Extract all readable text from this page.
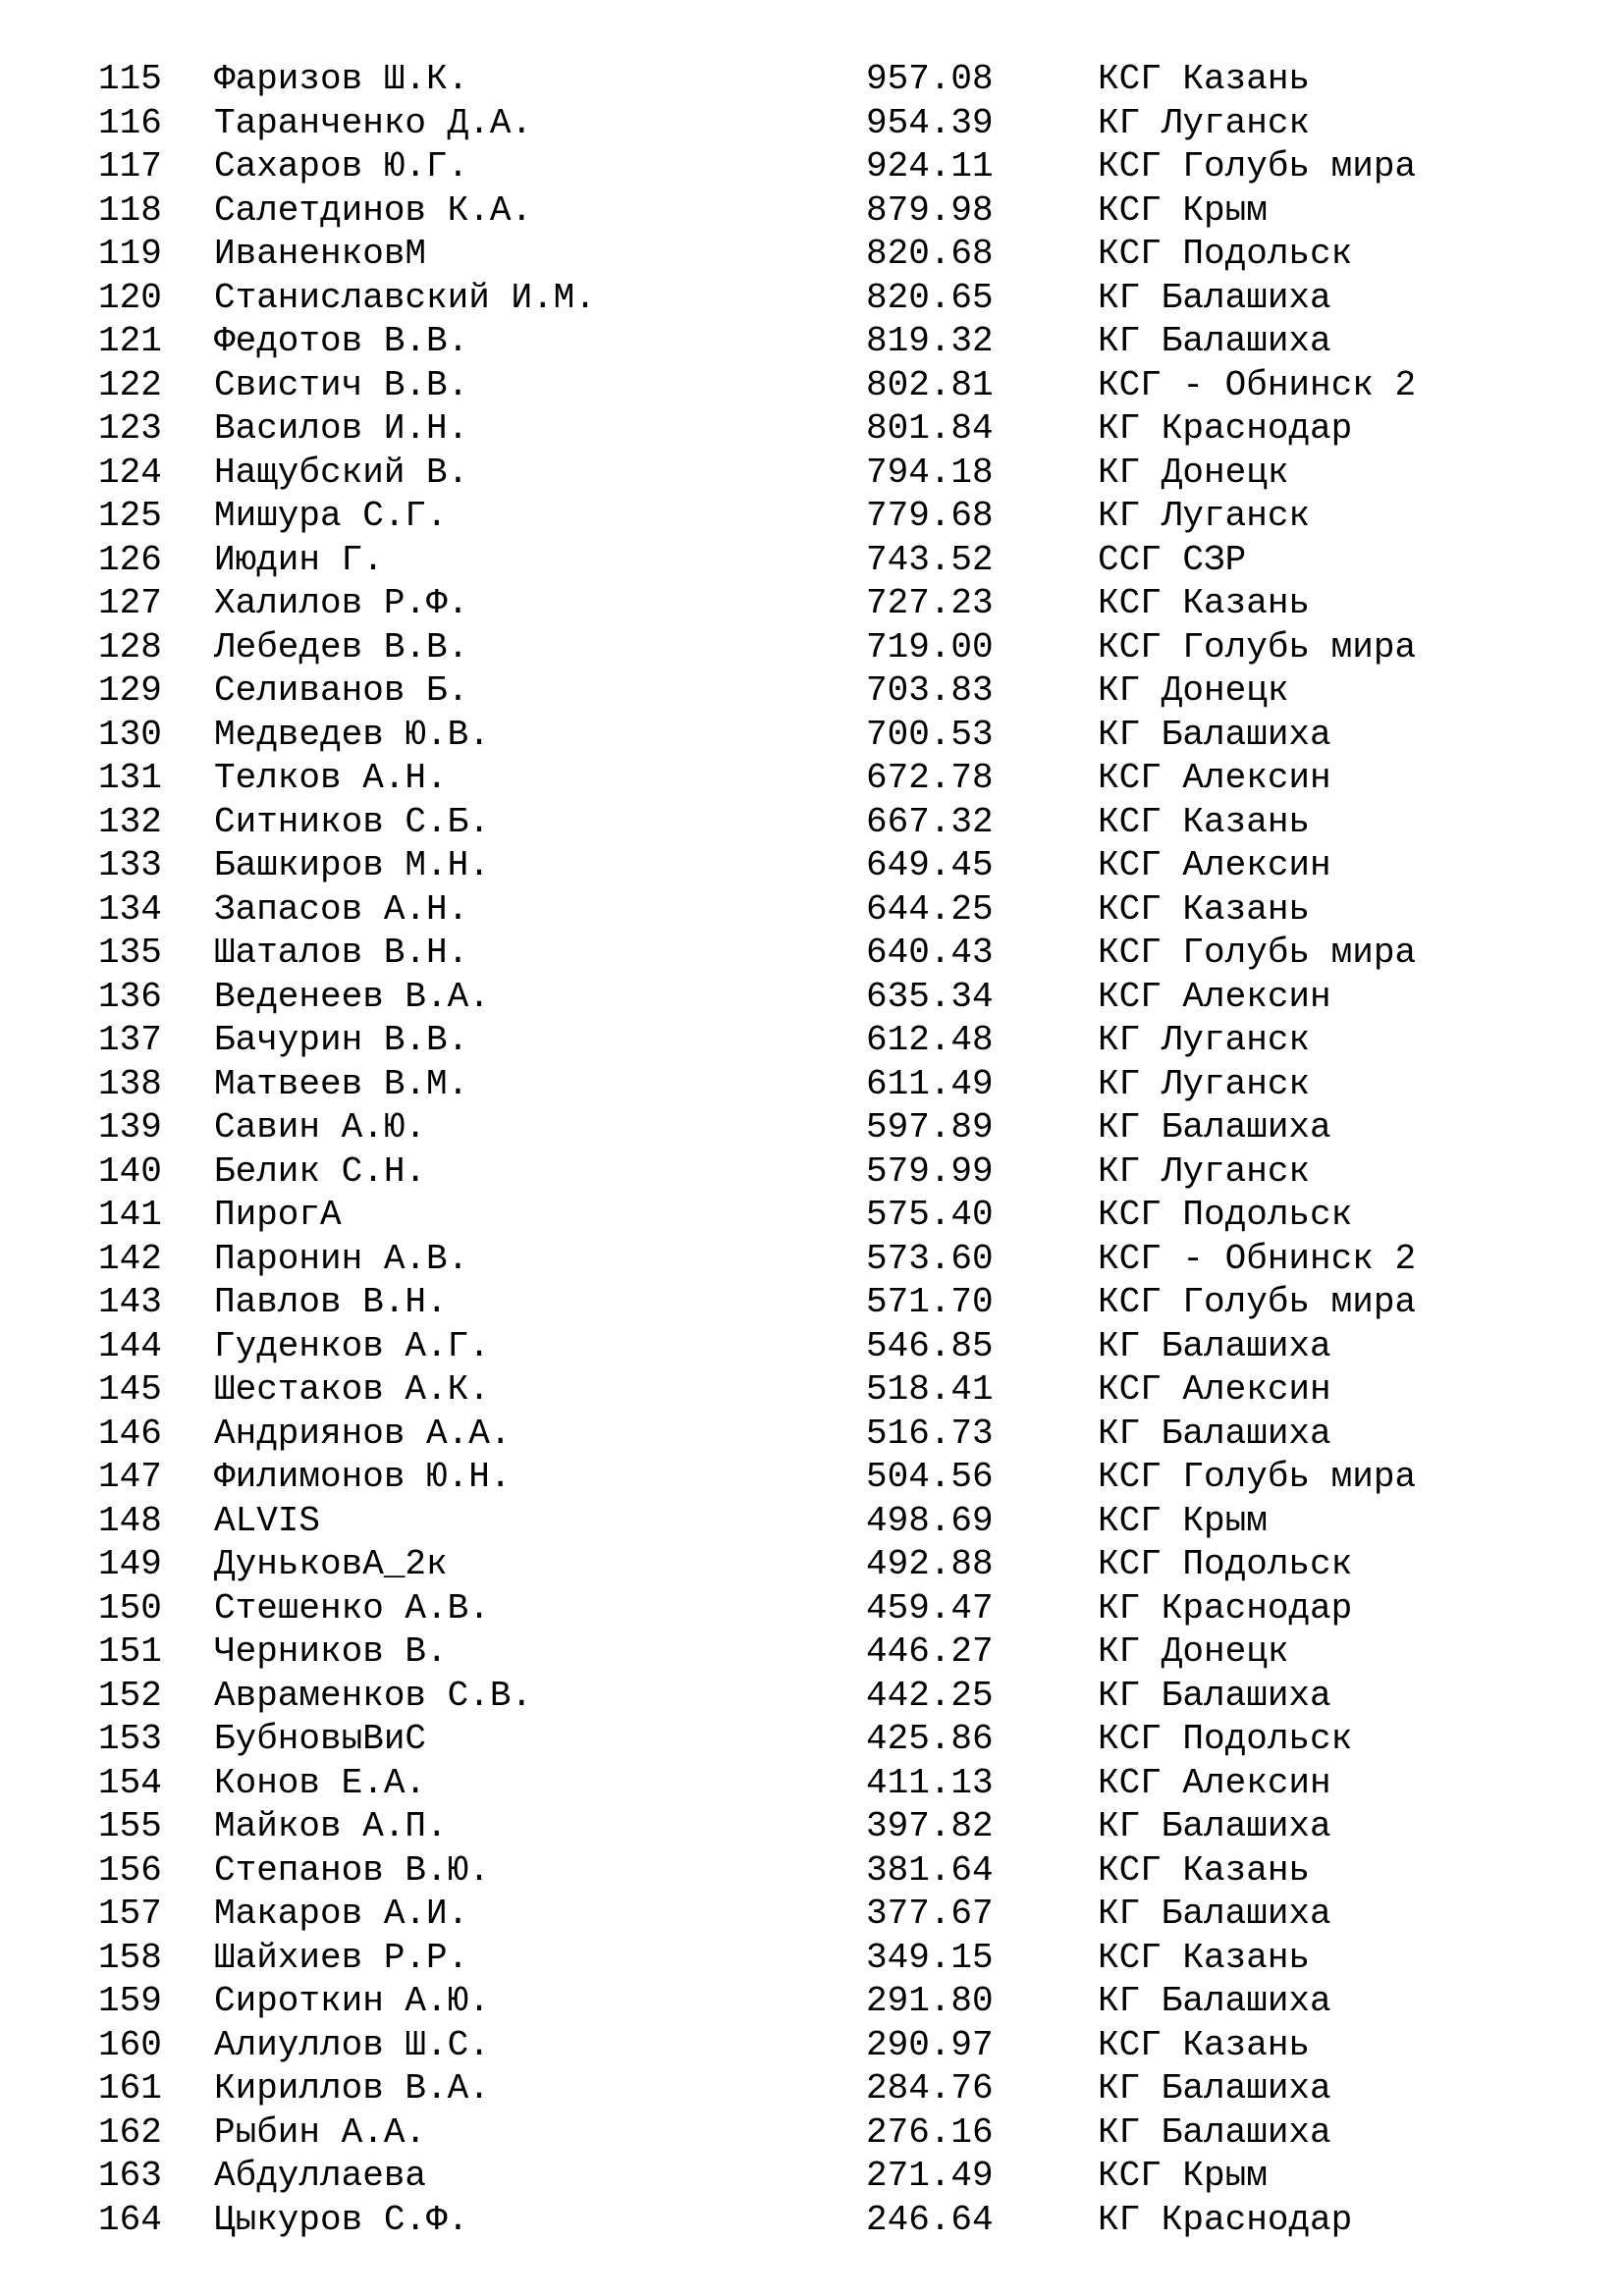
115 Фаризов Ш.К.	957.08	КСГ Казань
116 Таранченко Д.А.	954.39	КГ Луганск
117 Сахаров Ю.Г.	924.11	КСГ Голубь мира
118 Салетдинов К.А.	879.98	КСГ Крым
119 ИваненковМ	820.68	КСГ Подольск
120 Станиславский И.М.	820.65	КГ Балашиха
121 Федотов В.В.	819.32	КГ Балашиха
122 Свистич В.В.	802.81	КСГ - Обнинск 2
123 Василов И.Н.	801.84	КГ Краснодар
124 Нащубский В.	794.18	КГ Донецк
125 Мишура С.Г.	779.68	КГ Луганск
126 Июдин Г.	743.52	ССГ СЗР
127 Халилов Р.Ф.	727.23	КСГ Казань
128 Лебедев В.В.	719.00	КСГ Голубь мира
129 Селиванов Б.	703.83	КГ Донецк
130 Медведев Ю.В.	700.53	КГ Балашиха
131 Телков А.Н.	672.78	КСГ Алексин
132 Ситников С.Б.	667.32	КСГ Казань
133 Башкиров М.Н.	649.45	КСГ Алексин
134 Запасов А.Н.	644.25	КСГ Казань
135 Шаталов В.Н.	640.43	КСГ Голубь мира
136 Веденеев В.А.	635.34	КСГ Алексин
137 Бачурин В.В.	612.48	КГ Луганск
138 Матвеев В.М.	611.49	КГ Луганск
139 Савин А.Ю.	597.89	КГ Балашиха
140 Белик С.Н.	579.99	КГ Луганск
141 ПирогА	575.40	КСГ Подольск
142 Паронин А.В.	573.60	КСГ - Обнинск 2
143 Павлов В.Н.	571.70	КСГ Голубь мира
144 Гуденков А.Г.	546.85	КГ Балашиха
145 Шестаков А.К.	518.41	КСГ Алексин
146 Андриянов А.А.	516.73	КГ Балашиха
147 Филимонов Ю.Н.	504.56	КСГ Голубь мира
148 ALVIS	498.69	КСГ Крым
149 ДуньковА_2к	492.88	КСГ Подольск
150 Стешенко А.В.	459.47	КГ Краснодар
151 Черников В.	446.27	КГ Донецк
152 Авраменков С.В.	442.25	КГ Балашиха
153 БубновыВиС	425.86	КСГ Подольск
154 Конов Е.А.	411.13	КСГ Алексин
155 Майков А.П.	397.82	КГ Балашиха
156 Степанов В.Ю.	381.64	КСГ Казань
157 Макаров А.И.	377.67	КГ Балашиха
158 Шайхиев Р.Р.	349.15	КСГ Казань
159 Сироткин А.Ю.	291.80	КГ Балашиха
160 Алиуллов Ш.С.	290.97	КСГ Казань
161 Кириллов В.А.	284.76	КГ Балашиха
162 Рыбин А.А.	276.16	КГ Балашиха
163 Абдуллаева	271.49	КСГ Крым
164 Цыкуров С.Ф.	246.64	КГ Краснодар
